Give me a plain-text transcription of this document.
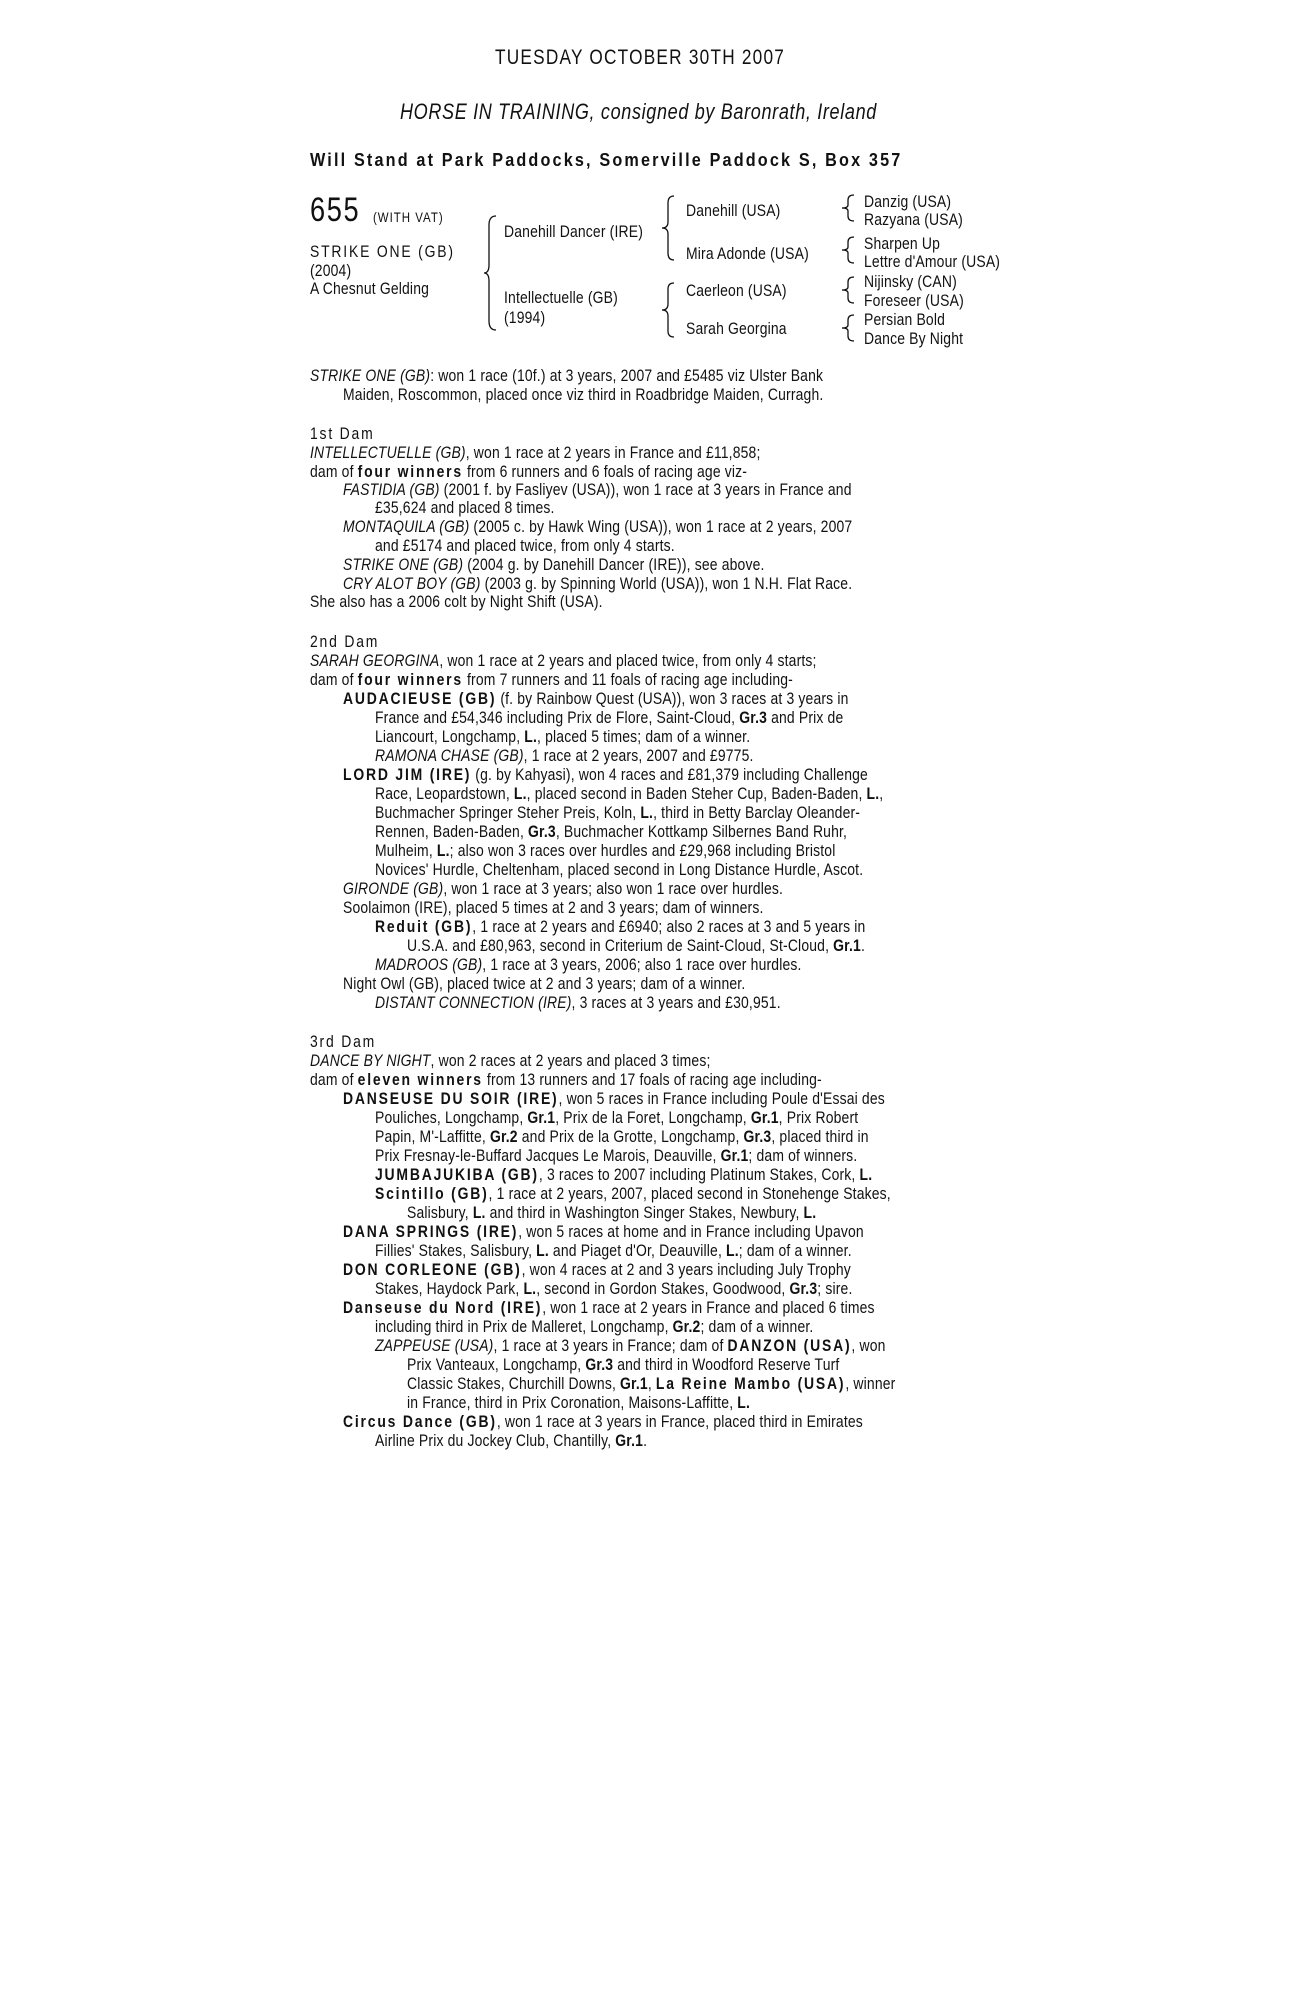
TUESDAY OCTOBER 30TH 2007
HORSE IN TRAINING, consigned by Baronrath, Ireland
Will Stand at Park Paddocks, Somerville Paddock S, Box 357
655 (WITH VAT)
STRIKE ONE (GB)
(2004)
A Chesnut Gelding
Danehill Dancer (IRE)
Intellectuelle (GB)
(1994)
Danehill (USA)
Mira Adonde (USA)
Caerleon (USA)
Sarah Georgina
Danzig (USA)
Razyana (USA)
Sharpen Up
Lettre d'Amour (USA)
Nijinsky (CAN)
Foreseer (USA)
Persian Bold
Dance By Night
STRIKE ONE (GB): won 1 race (10f.) at 3 years, 2007 and £5485 viz Ulster Bank
Maiden, Roscommon, placed once viz third in Roadbridge Maiden, Curragh.
1st Dam
INTELLECTUELLE (GB), won 1 race at 2 years in France and £11,858;
dam of four winners from 6 runners and 6 foals of racing age viz-
FASTIDIA (GB) (2001 f. by Fasliyev (USA)), won 1 race at 3 years in France and
£35,624 and placed 8 times.
MONTAQUILA (GB) (2005 c. by Hawk Wing (USA)), won 1 race at 2 years, 2007
and £5174 and placed twice, from only 4 starts.
STRIKE ONE (GB) (2004 g. by Danehill Dancer (IRE)), see above.
CRY ALOT BOY (GB) (2003 g. by Spinning World (USA)), won 1 N.H. Flat Race.
She also has a 2006 colt by Night Shift (USA).
2nd Dam
SARAH GEORGINA, won 1 race at 2 years and placed twice, from only 4 starts;
dam of four winners from 7 runners and 11 foals of racing age including-
AUDACIEUSE (GB) (f. by Rainbow Quest (USA)), won 3 races at 3 years in
France and £54,346 including Prix de Flore, Saint-Cloud, Gr.3 and Prix de
Liancourt, Longchamp, L., placed 5 times; dam of a winner.
RAMONA CHASE (GB), 1 race at 2 years, 2007 and £9775.
LORD JIM (IRE) (g. by Kahyasi), won 4 races and £81,379 including Challenge
Race, Leopardstown, L., placed second in Baden Steher Cup, Baden-Baden, L.,
Buchmacher Springer Steher Preis, Koln, L., third in Betty Barclay Oleander-
Rennen, Baden-Baden, Gr.3, Buchmacher Kottkamp Silbernes Band Ruhr,
Mulheim, L.; also won 3 races over hurdles and £29,968 including Bristol
Novices' Hurdle, Cheltenham, placed second in Long Distance Hurdle, Ascot.
GIRONDE (GB), won 1 race at 3 years; also won 1 race over hurdles.
Soolaimon (IRE), placed 5 times at 2 and 3 years; dam of winners.
Reduit (GB), 1 race at 2 years and £6940; also 2 races at 3 and 5 years in
U.S.A. and £80,963, second in Criterium de Saint-Cloud, St-Cloud, Gr.1.
MADROOS (GB), 1 race at 3 years, 2006; also 1 race over hurdles.
Night Owl (GB), placed twice at 2 and 3 years; dam of a winner.
DISTANT CONNECTION (IRE), 3 races at 3 years and £30,951.
3rd Dam
DANCE BY NIGHT, won 2 races at 2 years and placed 3 times;
dam of eleven winners from 13 runners and 17 foals of racing age including-
DANSEUSE DU SOIR (IRE), won 5 races in France including Poule d'Essai des
Pouliches, Longchamp, Gr.1, Prix de la Foret, Longchamp, Gr.1, Prix Robert
Papin, M'-Laffitte, Gr.2 and Prix de la Grotte, Longchamp, Gr.3, placed third in
Prix Fresnay-le-Buffard Jacques Le Marois, Deauville, Gr.1; dam of winners.
JUMBAJUKIBA (GB), 3 races to 2007 including Platinum Stakes, Cork, L.
Scintillo (GB), 1 race at 2 years, 2007, placed second in Stonehenge Stakes,
Salisbury, L. and third in Washington Singer Stakes, Newbury, L.
DANA SPRINGS (IRE), won 5 races at home and in France including Upavon
Fillies' Stakes, Salisbury, L. and Piaget d'Or, Deauville, L.; dam of a winner.
DON CORLEONE (GB), won 4 races at 2 and 3 years including July Trophy
Stakes, Haydock Park, L., second in Gordon Stakes, Goodwood, Gr.3; sire.
Danseuse du Nord (IRE), won 1 race at 2 years in France and placed 6 times
including third in Prix de Malleret, Longchamp, Gr.2; dam of a winner.
ZAPPEUSE (USA), 1 race at 3 years in France; dam of DANZON (USA), won
Prix Vanteaux, Longchamp, Gr.3 and third in Woodford Reserve Turf
Classic Stakes, Churchill Downs, Gr.1, La Reine Mambo (USA), winner
in France, third in Prix Coronation, Maisons-Laffitte, L.
Circus Dance (GB), won 1 race at 3 years in France, placed third in Emirates
Airline Prix du Jockey Club, Chantilly, Gr.1.
